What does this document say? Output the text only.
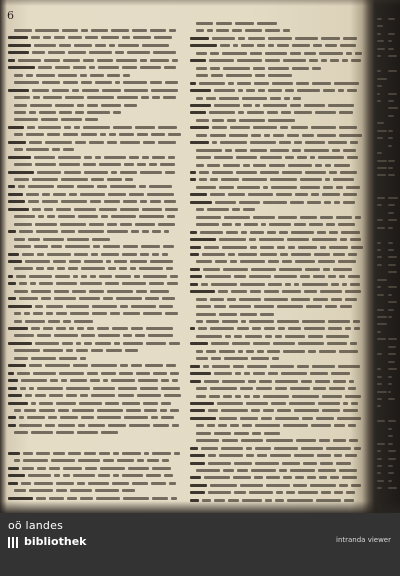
6
oö landes
bibliothek	intranda viewer
